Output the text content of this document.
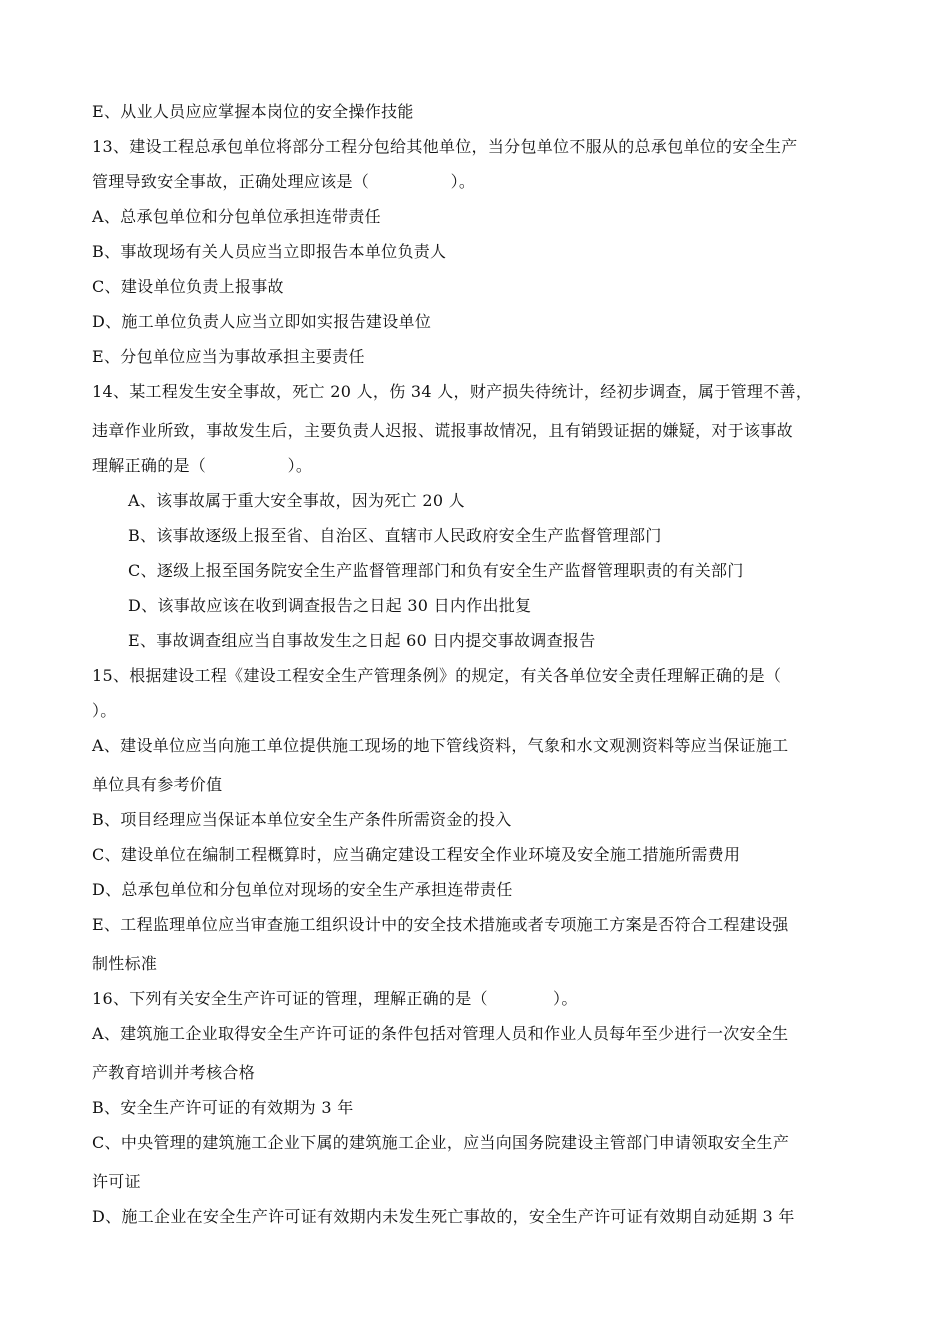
E、从业人员应应掌握本岗位的安全操作技能
13、建设工程总承包单位将部分工程分包给其他单位，当分包单位不服从的总承包单位的安全生产
管理导致安全事故，正确处理应该是（　　　　　）。
A、总承包单位和分包单位承担连带责任
B、事故现场有关人员应当立即报告本单位负责人
C、建设单位负责上报事故
D、施工单位负责人应当立即如实报告建设单位
E、分包单位应当为事故承担主要责任
14、某工程发生安全事故，死亡 20 人，伤 34 人，财产损失待统计，经初步调查，属于管理不善，
违章作业所致，事故发生后，主要负责人迟报、谎报事故情况，且有销毁证据的嫌疑，对于该事故
理解正确的是（　　　　　）。
A、该事故属于重大安全事故，因为死亡 20 人
B、该事故逐级上报至省、自治区、直辖市人民政府安全生产监督管理部门
C、逐级上报至国务院安全生产监督管理部门和负有安全生产监督管理职责的有关部门
D、该事故应该在收到调查报告之日起 30 日内作出批复
E、事故调查组应当自事故发生之日起 60 日内提交事故调查报告
15、根据建设工程《建设工程安全生产管理条例》的规定，有关各单位安全责任理解正确的是（
）。
A、建设单位应当向施工单位提供施工现场的地下管线资料，气象和水文观测资料等应当保证施工
单位具有参考价值
B、项目经理应当保证本单位安全生产条件所需资金的投入
C、建设单位在编制工程概算时，应当确定建设工程安全作业环境及安全施工措施所需费用
D、总承包单位和分包单位对现场的安全生产承担连带责任
E、工程监理单位应当审查施工组织设计中的安全技术措施或者专项施工方案是否符合工程建设强
制性标准
16、下列有关安全生产许可证的管理，理解正确的是（　　　　）。
A、建筑施工企业取得安全生产许可证的条件包括对管理人员和作业人员每年至少进行一次安全生
产教育培训并考核合格
B、安全生产许可证的有效期为 3 年
C、中央管理的建筑施工企业下属的建筑施工企业，应当向国务院建设主管部门申请领取安全生产
许可证
D、施工企业在安全生产许可证有效期内未发生死亡事故的，安全生产许可证有效期自动延期 3 年
